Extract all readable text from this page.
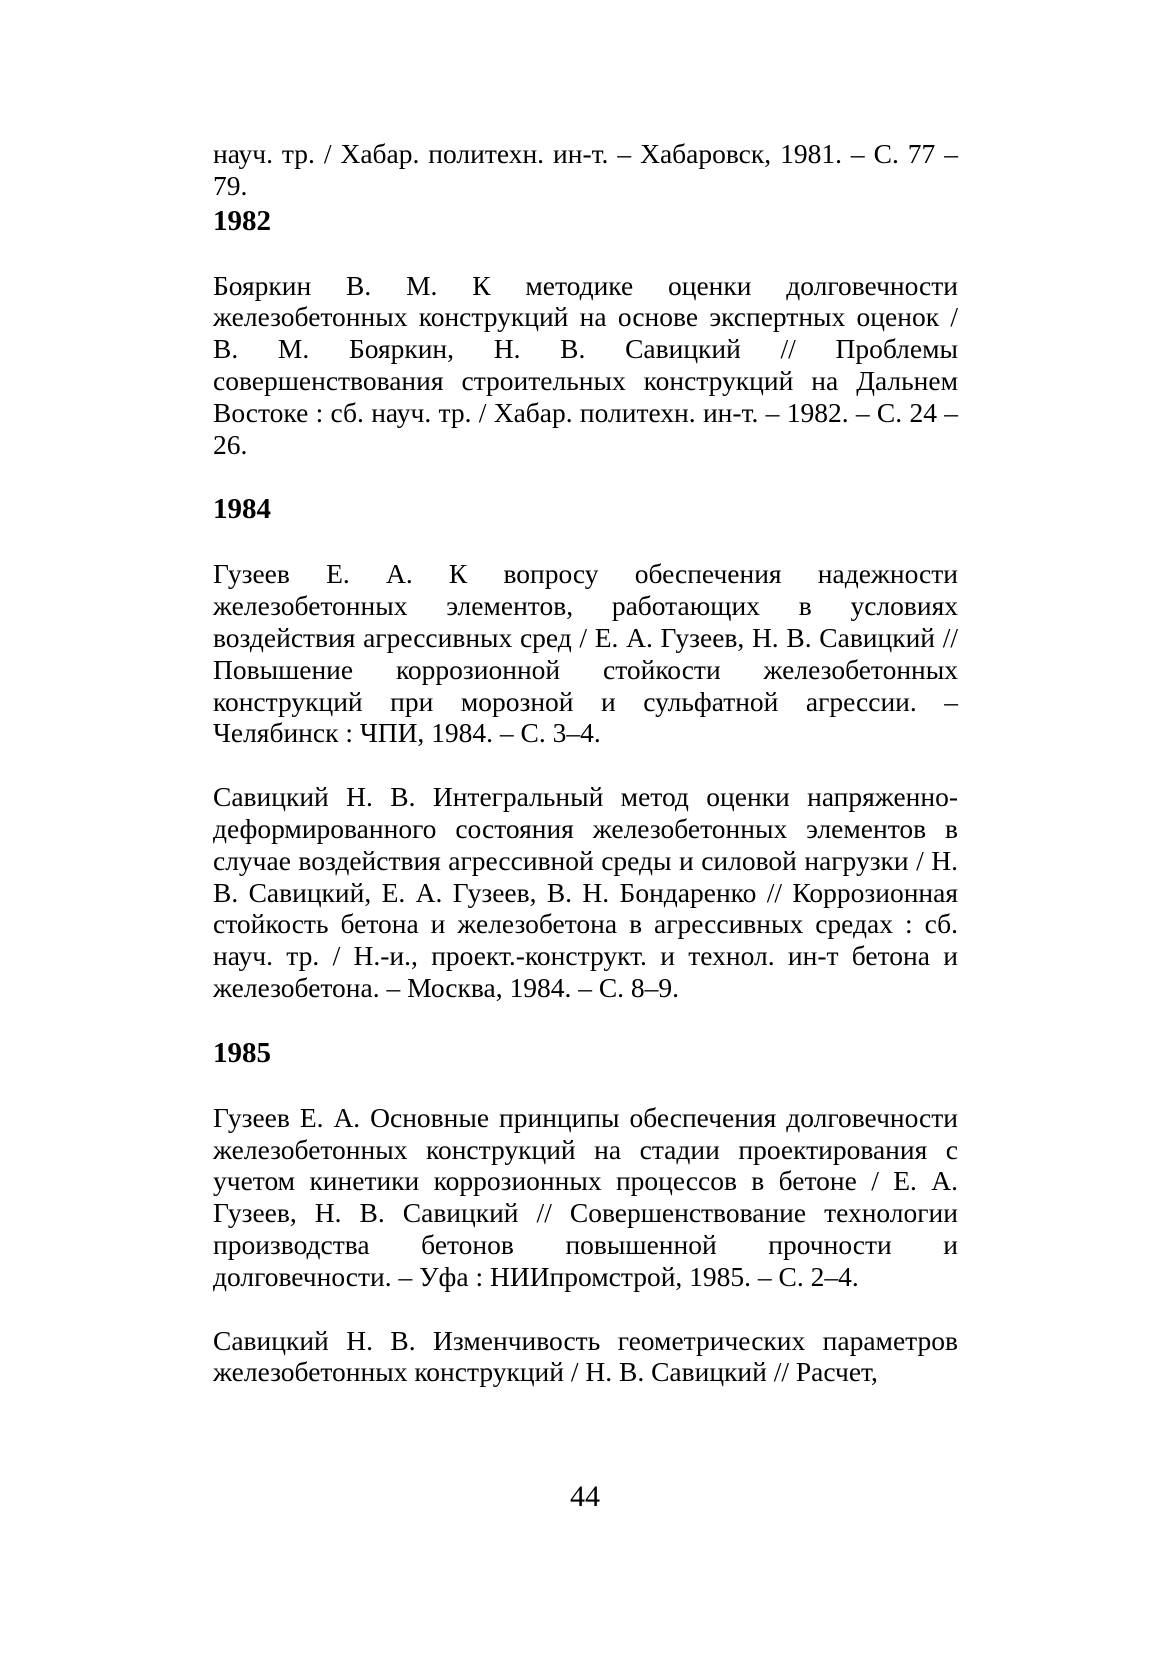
науч. тр. / Хабар. политехн. ин-т. – Хабаровск, 1981. – С. 77 – 79.

1982

Бояркин В. М. К методике оценки долговечности железобетонных конструкций на основе экспертных оценок / В. М. Бояркин, Н. В. Савицкий // Проблемы совершенствования строительных конструкций на Дальнем Востоке : сб. науч. тр. / Хабар. политехн. ин-т. – 1982. – С. 24 – 26.

1984

Гузеев Е. А. К вопросу обеспечения надежности железобетонных элементов, работающих в условиях воздействия агрессивных сред / Е. А. Гузеев, Н. В. Савицкий // Повышение коррозионной стойкости железобетонных конструкций при морозной и сульфатной агрессии. – Челябинск : ЧПИ, 1984. – С. 3–4.

Савицкий Н. В. Интегральный метод оценки напряженно-деформированного состояния железобетонных элементов в случае воздействия агрессивной среды и силовой нагрузки / Н. В. Савицкий, Е. А. Гузеев, В. Н. Бондаренко // Коррозионная стойкость бетона и железобетона в агрессивных средах : сб. науч. тр. / Н.-и., проект.-конструкт. и технол. ин-т бетона и железобетона. – Москва, 1984. – С. 8–9.

1985

Гузеев Е. А. Основные принципы обеспечения долговечности железобетонных конструкций на стадии проектирования с учетом кинетики коррозионных процессов в бетоне / Е. А. Гузеев, Н. В. Савицкий // Совершенствование технологии производства бетонов повышенной прочности и долговечности. – Уфа : НИИпромстрой, 1985. – С. 2–4.

Савицкий Н. В. Изменчивость геометрических параметров железобетонных конструкций / Н. В. Савицкий // Расчет,

44
